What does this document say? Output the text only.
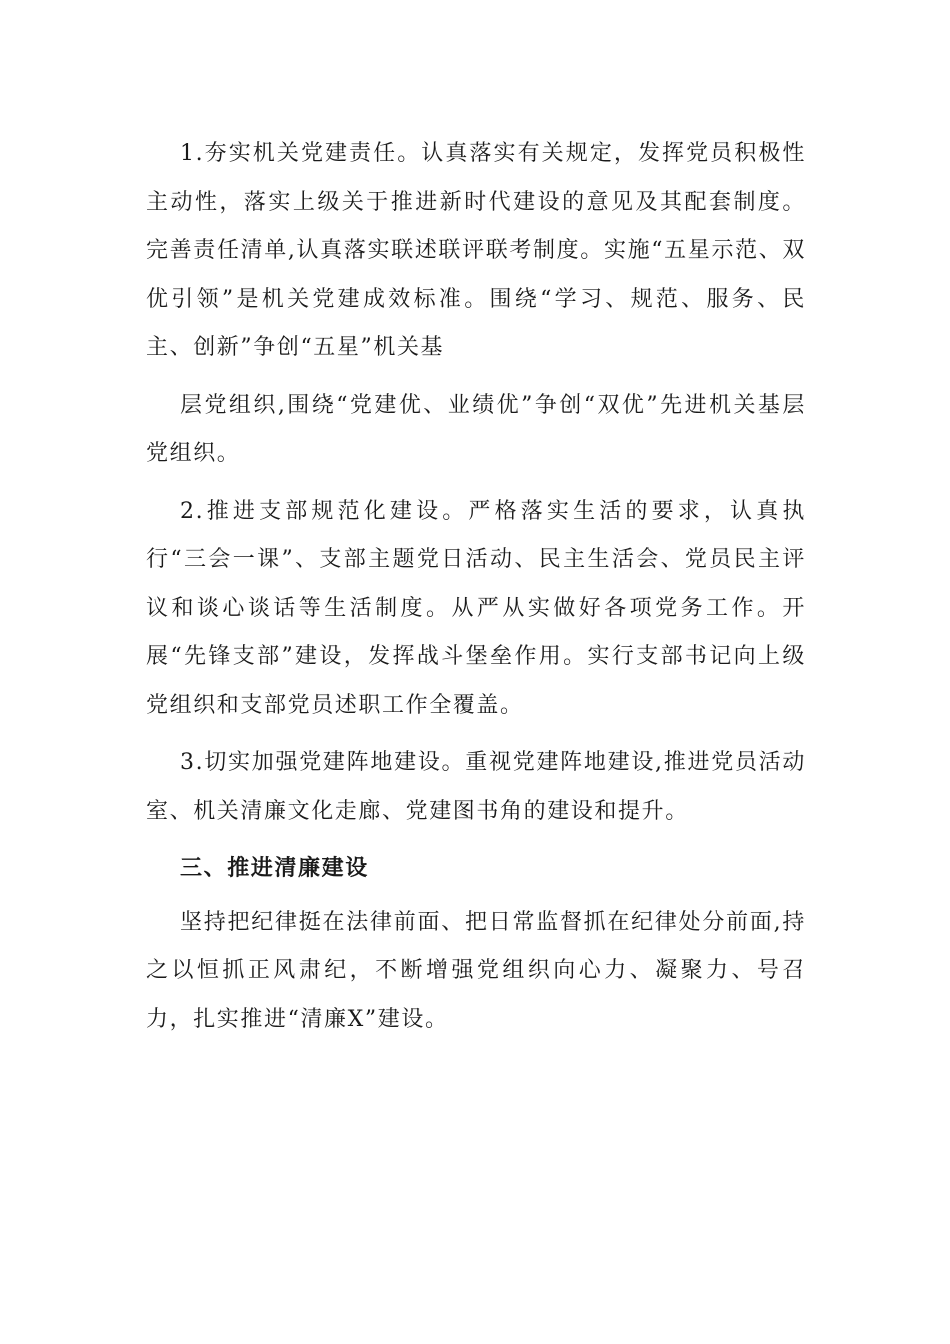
1.夯实机关党建责任。认真落实有关规定，发挥党员积极性主动性，落实上级关于推进新时代建设的意见及其配套制度。完善责任清单,认真落实联述联评联考制度。实施“五星示范、双优引领”是机关党建成效标准。围绕“学习、规范、服务、民主、创新”争创“五星”机关基

层党组织,围绕“党建优、业绩优”争创“双优”先进机关基层党组织。

2.推进支部规范化建设。严格落实生活的要求，认真执行“三会一课”、支部主题党日活动、民主生活会、党员民主评议和谈心谈话等生活制度。从严从实做好各项党务工作。开展“先锋支部”建设，发挥战斗堡垒作用。实行支部书记向上级党组织和支部党员述职工作全覆盖。

3.切实加强党建阵地建设。重视党建阵地建设,推进党员活动室、机关清廉文化走廊、党建图书角的建设和提升。

三、推进清廉建设

坚持把纪律挺在法律前面、把日常监督抓在纪律处分前面,持之以恒抓正风肃纪，不断增强党组织向心力、凝聚力、号召力，扎实推进“清廉X”建设。
